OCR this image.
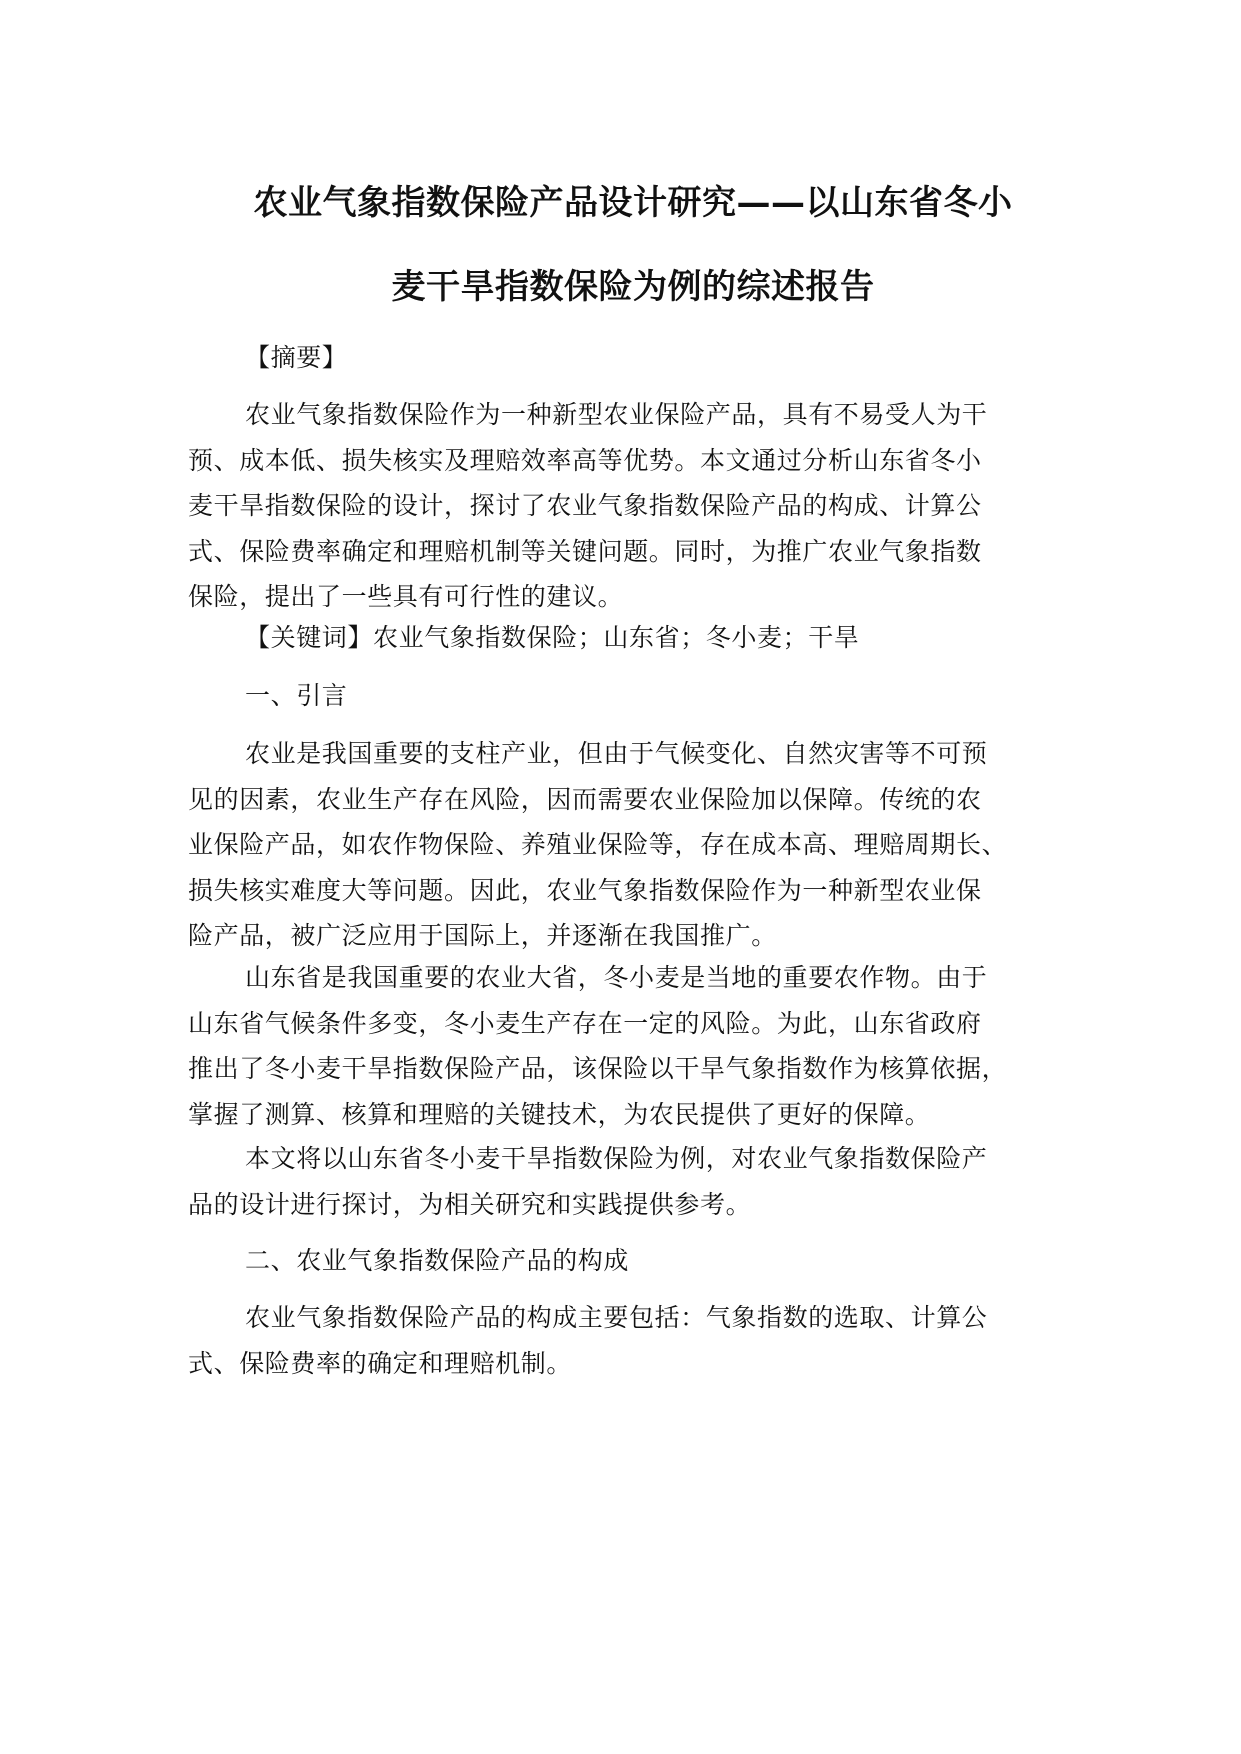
农业气象指数保险产品设计研究——以山东省冬小
麦干旱指数保险为例的综述报告
【摘要】
农业气象指数保险作为一种新型农业保险产品，具有不易受人为干
预、成本低、损失核实及理赔效率高等优势。本文通过分析山东省冬小
麦干旱指数保险的设计，探讨了农业气象指数保险产品的构成、计算公
式、保险费率确定和理赔机制等关键问题。同时，为推广农业气象指数
保险，提出了一些具有可行性的建议。
【关键词】农业气象指数保险；山东省；冬小麦；干旱
一、引言
农业是我国重要的支柱产业，但由于气候变化、自然灾害等不可预
见的因素，农业生产存在风险，因而需要农业保险加以保障。传统的农
业保险产品，如农作物保险、养殖业保险等，存在成本高、理赔周期长、
损失核实难度大等问题。因此，农业气象指数保险作为一种新型农业保
险产品，被广泛应用于国际上，并逐渐在我国推广。
山东省是我国重要的农业大省，冬小麦是当地的重要农作物。由于
山东省气候条件多变，冬小麦生产存在一定的风险。为此，山东省政府
推出了冬小麦干旱指数保险产品，该保险以干旱气象指数作为核算依据，
掌握了测算、核算和理赔的关键技术，为农民提供了更好的保障。
本文将以山东省冬小麦干旱指数保险为例，对农业气象指数保险产
品的设计进行探讨，为相关研究和实践提供参考。
二、农业气象指数保险产品的构成
农业气象指数保险产品的构成主要包括：气象指数的选取、计算公
式、保险费率的确定和理赔机制。
